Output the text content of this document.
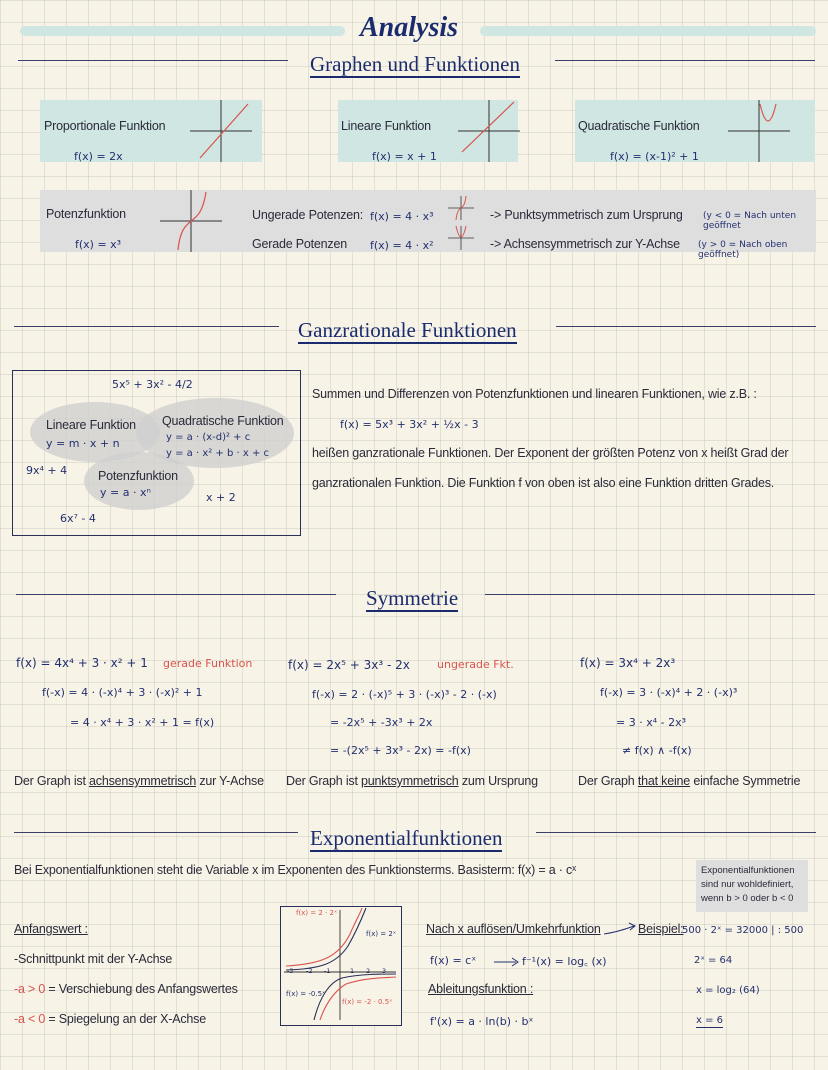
Analysis
Graphen und Funktionen
Proportionale Funktion
f(x) = 2x
Lineare Funktion
f(x) = x + 1
Quadratische Funktion
f(x) = (x-1)² + 1
Potenzfunktion
f(x) = x³
Ungerade Potenzen: f(x) = 4 · x³	-> Punktsymmetrisch zum Ursprung (y < 0 = Nach unten geöffnet
Gerade Potenzen f(x) = 4 · x²	-> Achsensymmetrisch zur Y-Achse (y > 0 = Nach oben geöffnet)
Ganzrationale Funktionen
5x⁵ + 3x² - 4/2
Lineare Funktion
y = m · x + n
Quadratische Funktion
y = a · (x-d)² + c
y = a · x² + b · x + c
Potenzfunktion
y = a · xⁿ
9x⁴ + 4
x + 2
6x⁷ - 4
Summen und Differenzen von Potenzfunktionen und linearen Funktionen, wie z.B. :
f(x) = 5x³ + 3x² + ½x - 3
heißen ganzrationale Funktionen. Der Exponent der größten Potenz von x heißt Grad der
ganzrationalen Funktion. Die Funktion f von oben ist also eine Funktion dritten Grades.
Symmetrie
f(x) = 4x⁴ + 3 · x² + 1 gerade Funktion
f(-x) = 4 · (-x)⁴ + 3 · (-x)² + 1
= 4 · x⁴ + 3 · x² + 1 = f(x)
Der Graph ist achsensymmetrisch zur Y-Achse
f(x) = 2x⁵ + 3x³ - 2x ungerade Fkt.
f(-x) = 2 · (-x)⁵ + 3 · (-x)³ - 2 · (-x)
= -2x⁵ + -3x³ + 2x
= -(2x⁵ + 3x³ - 2x) = -f(x)
Der Graph ist punktsymmetrisch zum Ursprung
f(x) = 3x⁴ + 2x³
f(-x) = 3 · (-x)⁴ + 2 · (-x)³
= 3 · x⁴ - 2x³
≠ f(x) ∧ -f(x)
Der Graph that keine einfache Symmetrie
Exponentialfunktionen
Bei Exponentialfunktionen steht die Variable x im Exponenten des Funktionsterms. Basisterm: f(x) = a · cˣ	Exponentialfunktionen sind nur wohldefiniert, wenn b > 0 oder b < 0
Anfangswert :
-Schnittpunkt mit der Y-Achse
-a > 0 = Verschiebung des Anfangswertes
-a < 0 = Spiegelung an der X-Achse
f(x) = 2 · 2ˣ
f(x) = 2ˣ
f(x) = -0.5ˣ
f(x) = -2 · 0.5ˣ
-3 -2 -1	1 2 3
Nach x auflösen/Umkehrfunktion
f(x) = cˣ	f⁻¹(x) = log꜀ (x)
Ableitungsfunktion :
f'(x) = a · ln(b) · bˣ
Beispiel:
500 · 2ˣ = 32000 | : 500
2ˣ = 64
x = log₂ (64)
x = 6
